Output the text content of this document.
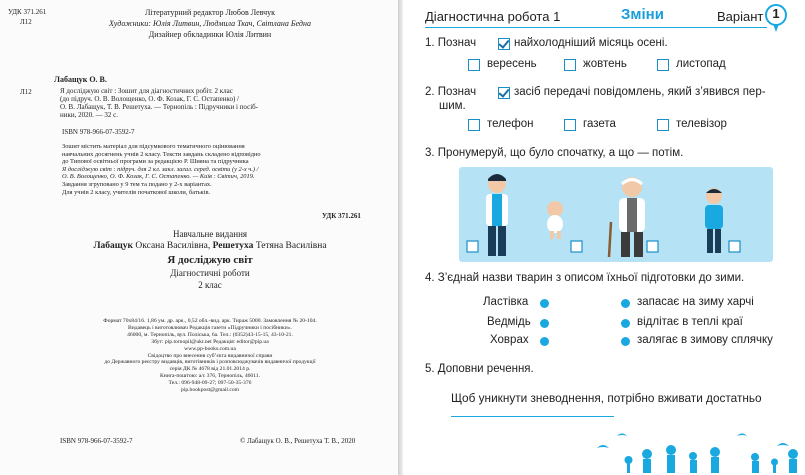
УДК 371.261
Л12
Літературний редактор Любов Левчук
Художники: Юлія Литвин, Людмила Ткач, Світлана Бедна
Дизайнер обкладинки Юлія Литвин
Лабащук О. В.
Л12	Я досліджую світ : Зошит для діагностичних робіт. 2 клас
(до підруч. О. В. Волощенко, О. Ф. Козак, Г. С. Остапенко) /
О. В. Лабащук, Т. В. Решетуха. — Тернопіль : Підручники і посіб-
ники, 2020. — 32 с.
ISBN 978-966-07-3592-7
Зошит містить матеріал для підсумкового тематичного оцінювання
навчальних досягнень учнів 2 класу. Тексти завдань складено відповідно
до Типової освітньої програми за редакцією Р. Шияна та підручника
Я досліджую світ : підруч. для 2 кл. закл. загал. серед. освіти (у 2-х ч.) /
О. В. Волощенко, О. Ф. Козак, Г. С. Остапенко. — Київ : Світич, 2019.
Завдання згруповано у 9 тем та подано у 2-х варіантах.
Для учнів 2 класу, учителів початкової школи, батьків.
УДК 371.261
Навчальне видання
Лабащук Оксана Василівна, Решетуха Тетяна Василівна
Я досліджую світ
Діагностичні роботи
2 клас
Формат 70х84/16. 1,86 ум. др. арк., 0,52 обл.-вид. арк. Тираж 5000. Замовлення № 20-104.
Видавець і виготовлювач Редакція газети «Підручники і посібники».
46000, м. Тернопіль, вул. Поліська, 6а. Тел.: (0352)43-15-15, 43-10-21.
Збут: pip.tornopil@ukr.net Редакція: editor@pip.ua
www.pp-books.com.ua
Свідоцтво про внесення суб’єкта видавничої справи
до Державного реєстру видавців, виготівників і розповсюджувачів видавничої продукції
серія ДК № 4678 від 21.01.2014 р.
Книга-поштою: а/с 376, Тернопіль, 46011.
Тел.: 096-948-09-27; 097-50-35-376
pip.bookpost@gmail.com
ISBN 978-966-07-3592-7	© Лабащук О. В., Решетуха Т. В., 2020
Діагностична робота 1	Зміни	Варіант 1
1. Познач	найхолодніший місяць осені.
вересень	жовтень	листопад
2. Познач	засіб передачі повідомлень, який з’явився пер-
шим.
телефон	газета	телевізор
3. Пронумеруй, що було спочатку, а що — потім.
4. З’єднай назви тварин з описом їхньої підготовки до зими.
Ластівка
Ведмідь
Ховрах
запасає на зиму харчі
відлітає в теплі краї
залягає в зимову сплячку
5. Доповни речення.
Щоб уникнути зневоднення, потрібно вживати достатньо
